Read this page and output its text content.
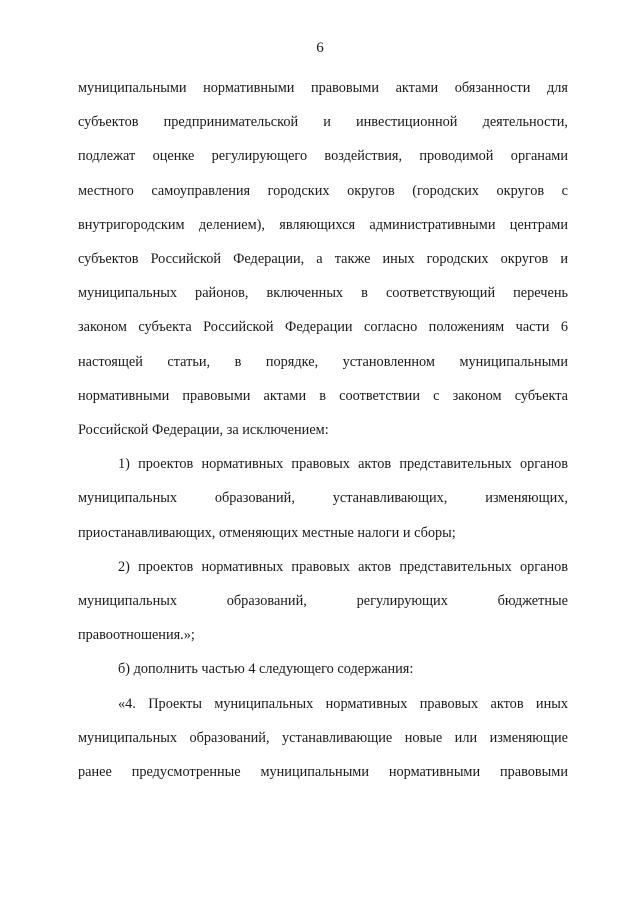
6
муниципальными нормативными правовыми актами обязанности для
субъектов предпринимательской и инвестиционной деятельности,
подлежат оценке регулирующего воздействия, проводимой органами
местного самоуправления городских округов (городских округов с
внутригородским делением), являющихся административными центрами
субъектов Российской Федерации, а также иных городских округов и
муниципальных районов, включенных в соответствующий перечень
законом субъекта Российской Федерации согласно положениям части 6
настоящей статьи, в порядке, установленном муниципальными
нормативными правовыми актами в соответствии с законом субъекта
Российской Федерации, за исключением:
1) проектов нормативных правовых актов представительных органов
муниципальных образований, устанавливающих, изменяющих,
приостанавливающих, отменяющих местные налоги и сборы;
2) проектов нормативных правовых актов представительных органов
муниципальных образований, регулирующих бюджетные
правоотношения.»;
б) дополнить частью 4 следующего содержания:
«4. Проекты муниципальных нормативных правовых актов иных
муниципальных образований, устанавливающие новые или изменяющие
ранее предусмотренные муниципальными нормативными правовыми
